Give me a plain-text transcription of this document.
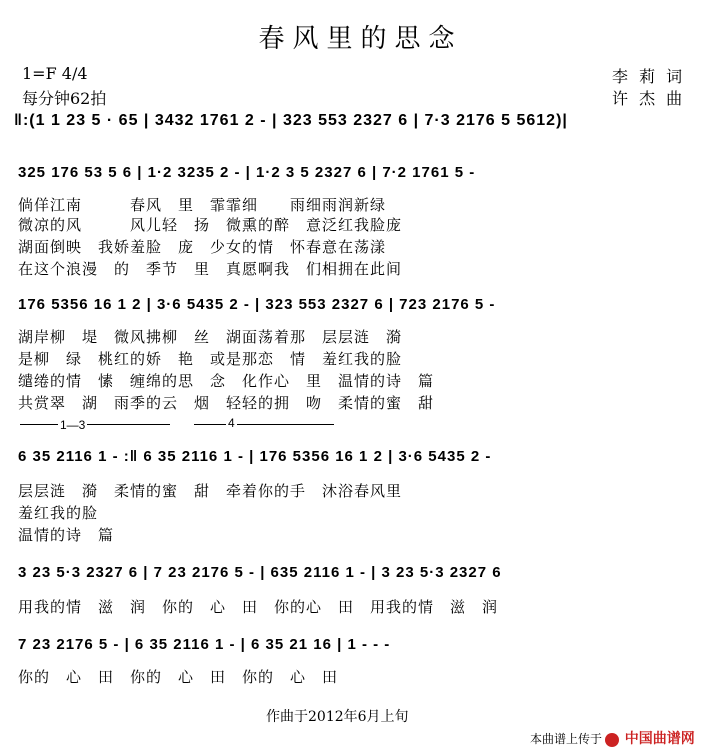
春风里的思念
1=F 4/4
每分钟62拍
李 莉 词
许 杰 曲
‖:(1 1 23 5 · 65 | 3432 1761 2 - | 323 553 2327 6 | 7·3 2176 5 5612)|
325 176 53 5 6 | 1·2 3235 2 - | 1·2 3 5 2327 6 | 7·2 1761 5 -
倘佯江南　　　春风　里　霏霏细　　雨细雨润新绿
微凉的风　　　风儿轻　扬　微熏的醉　意泛红我脸庞
湖面倒映　我娇羞脸　庞　少女的情　怀春意在荡漾
在这个浪漫　的　季节　里　真愿啊我　们相拥在此间
176 5356 16 1 2 | 3·6 5435 2 - | 323 553 2327 6 | 723 2176 5 -
湖岸柳　堤　微风拂柳　丝　湖面荡着那　层层涟　漪
是柳　绿　桃红的娇　艳　或是那恋　情　羞红我的脸
缱绻的情　愫　缠绵的思　念　化作心　里　温情的诗　篇
共赏翠　湖　雨季的云　烟　轻轻的拥　吻　柔情的蜜　甜
1—3	4
6 35 2116 1 - :‖ 6 35 2116 1 - | 176 5356 16 1 2 | 3·6 5435 2 -
层层涟　漪　柔情的蜜　甜　牵着你的手　沐浴春风里
羞红我的脸
温情的诗　篇
3 23 5·3 2327 6 | 7 23 2176 5 - | 635 2116 1 - | 3 23 5·3 2327 6
用我的情　滋　润　你的　心　田　你的心　田　用我的情　滋　润
7 23 2176 5 - | 6 35 2116 1 - | 6 35 21 16 | 1 - - -
你的　心　田　你的　心　田　你的　心　田
作曲于2012年6月上旬
本曲谱上传于 中国曲谱网
